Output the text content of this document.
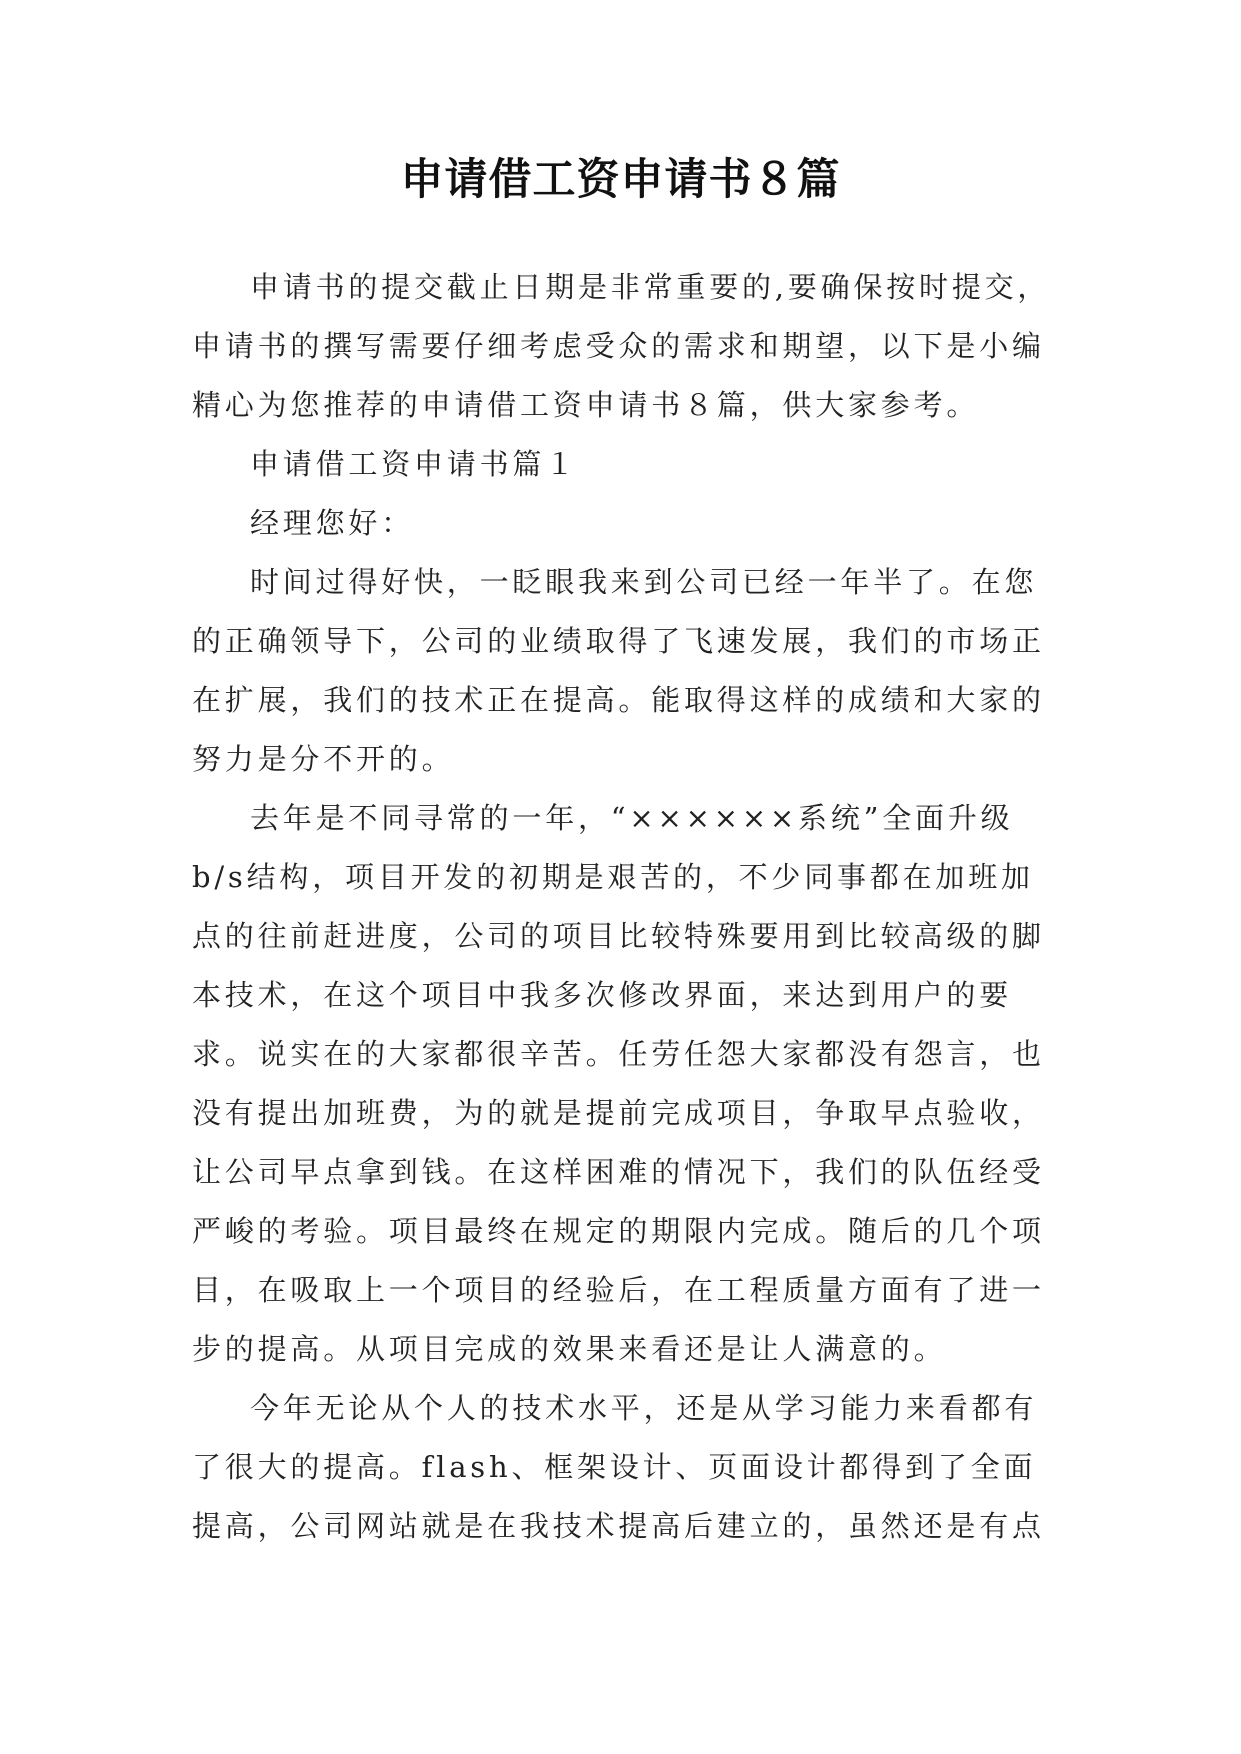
申请借工资申请书８篇

申请书的提交截止日期是非常重要的,要确保按时提交，申请书的撰写需要仔细考虑受众的需求和期望，以下是小编精心为您推荐的申请借工资申请书８篇，供大家参考。

申请借工资申请书篇１

经理您好：

时间过得好快，一眨眼我来到公司已经一年半了。在您的正确领导下，公司的业绩取得了飞速发展，我们的市场正在扩展，我们的技术正在提高。能取得这样的成绩和大家的努力是分不开的。

去年是不同寻常的一年，“××××××系统”全面升级b/s结构，项目开发的初期是艰苦的，不少同事都在加班加点的往前赶进度，公司的项目比较特殊要用到比较高级的脚本技术，在这个项目中我多次修改界面，来达到用户的要求。说实在的大家都很辛苦。任劳任怨大家都没有怨言，也没有提出加班费，为的就是提前完成项目，争取早点验收，让公司早点拿到钱。在这样困难的情况下，我们的队伍经受严峻的考验。项目最终在规定的期限内完成。随后的几个项目，在吸取上一个项目的经验后，在工程质量方面有了进一步的提高。从项目完成的效果来看还是让人满意的。

今年无论从个人的技术水平，还是从学习能力来看都有了很大的提高。flash、框架设计、页面设计都得到了全面提高，公司网站就是在我技术提高后建立的，虽然还是有点
